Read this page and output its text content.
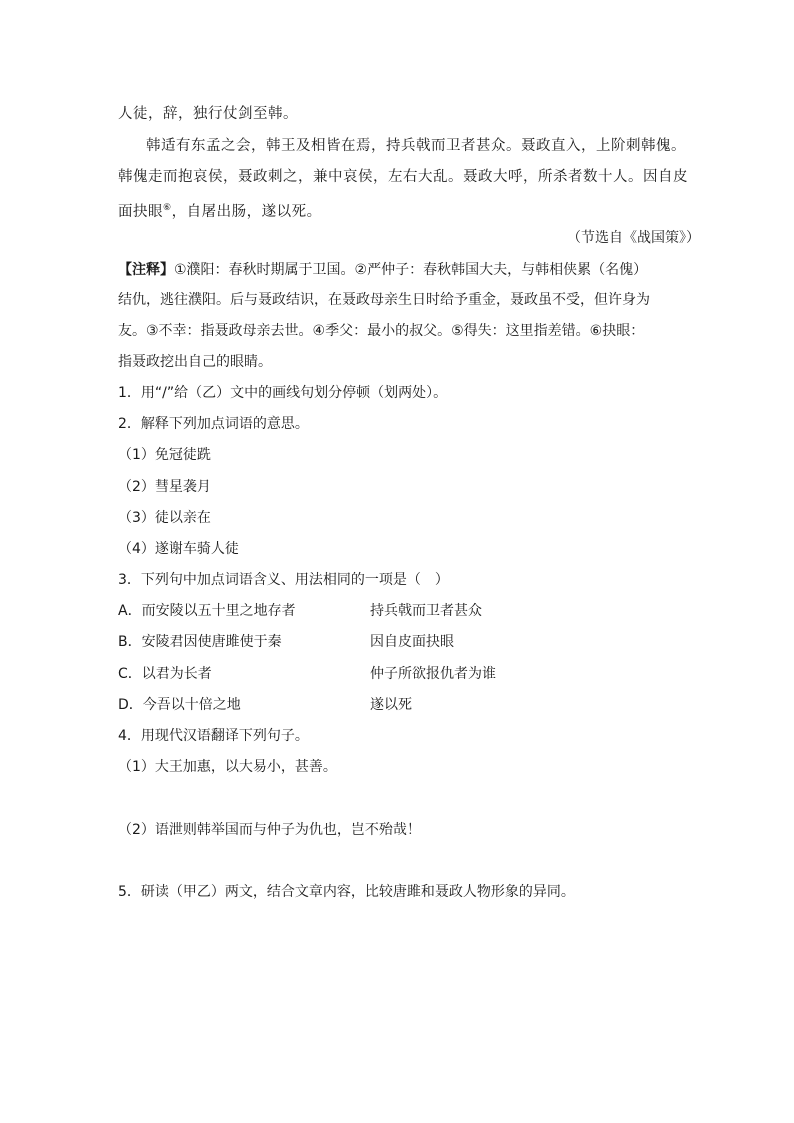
人徒，辞，独行仗剑至韩。
韩适有东孟之会，韩王及相皆在焉，持兵戟而卫者甚众。聂政直入，上阶刺韩傀。
韩傀走而抱哀侯，聂政刺之，兼中哀侯，左右大乱。聂政大呼，所杀者数十人。因自皮
面抉眼⑥，自屠出肠，遂以死。
（节选自《战国策》）
【注释】①濮阳：春秋时期属于卫国。②严仲子：春秋韩国大夫，与韩相侠累（名傀）
结仇，逃往濮阳。后与聂政结识，在聂政母亲生日时给予重金，聂政虽不受，但许身为
友。③不幸：指聂政母亲去世。④季父：最小的叔父。⑤得失：这里指差错。⑥抉眼：
指聂政挖出自己的眼睛。
1．用“/”给（乙）文中的画线句划分停顿（划两处）。
2．解释下列加点词语的意思。
（1）免冠徒跣
（2）彗星袭月
（3）徒以亲在
（4）遂谢车骑人徒
3．下列句中加点词语含义、用法相同的一项是（　）
A．而安陵以五十里之地存者	持兵戟而卫者甚众
B．安陵君因使唐雎使于秦	因自皮面抉眼
C．以君为长者	仲子所欲报仇者为谁
D．今吾以十倍之地	遂以死
4．用现代汉语翻译下列句子。
（1）大王加惠，以大易小，甚善。
（2）语泄则韩举国而与仲子为仇也，岂不殆哉！
5．研读（甲乙）两文，结合文章内容，比较唐雎和聂政人物形象的异同。
